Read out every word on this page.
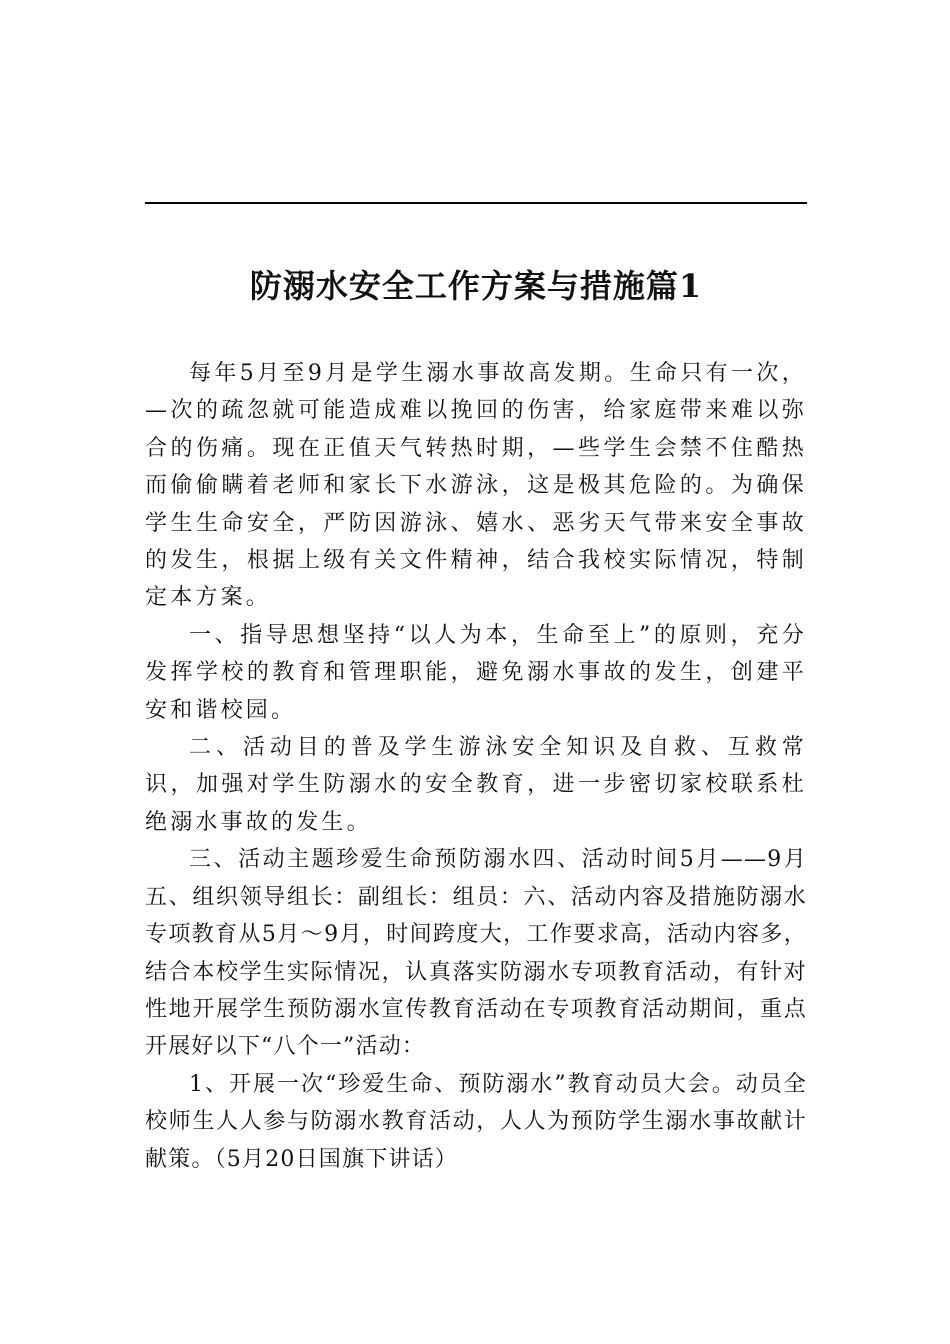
防溺水安全工作方案与措施篇1

每年5月至9月是学生溺水事故高发期。生命只有一次，—次的疏忽就可能造成难以挽回的伤害，给家庭带来难以弥合的伤痛。现在正值天气转热时期，—些学生会禁不住酷热而偷偷瞒着老师和家长下水游泳，这是极其危险的。为确保学生生命安全，严防因游泳、嬉水、恶劣天气带来安全事故的发生，根据上级有关文件精神，结合我校实际情况，特制定本方案。

一、指导思想坚持“以人为本，生命至上”的原则，充分发挥学校的教育和管理职能，避免溺水事故的发生，创建平安和谐校园。

二、活动目的普及学生游泳安全知识及自救、互救常识，加强对学生防溺水的安全教育，进一步密切家校联系杜绝溺水事故的发生。

三、活动主题珍爱生命预防溺水四、活动时间5月——9月五、组织领导组长：副组长：组员：六、活动内容及措施防溺水专项教育从5月～9月，时间跨度大，工作要求高，活动内容多，结合本校学生实际情况，认真落实防溺水专项教育活动，有针对性地开展学生预防溺水宣传教育活动在专项教育活动期间，重点开展好以下“八个一”活动：

1、开展一次“珍爱生命、预防溺水”教育动员大会。动员全校师生人人参与防溺水教育活动，人人为预防学生溺水事故献计献策。（5月20日国旗下讲话）
